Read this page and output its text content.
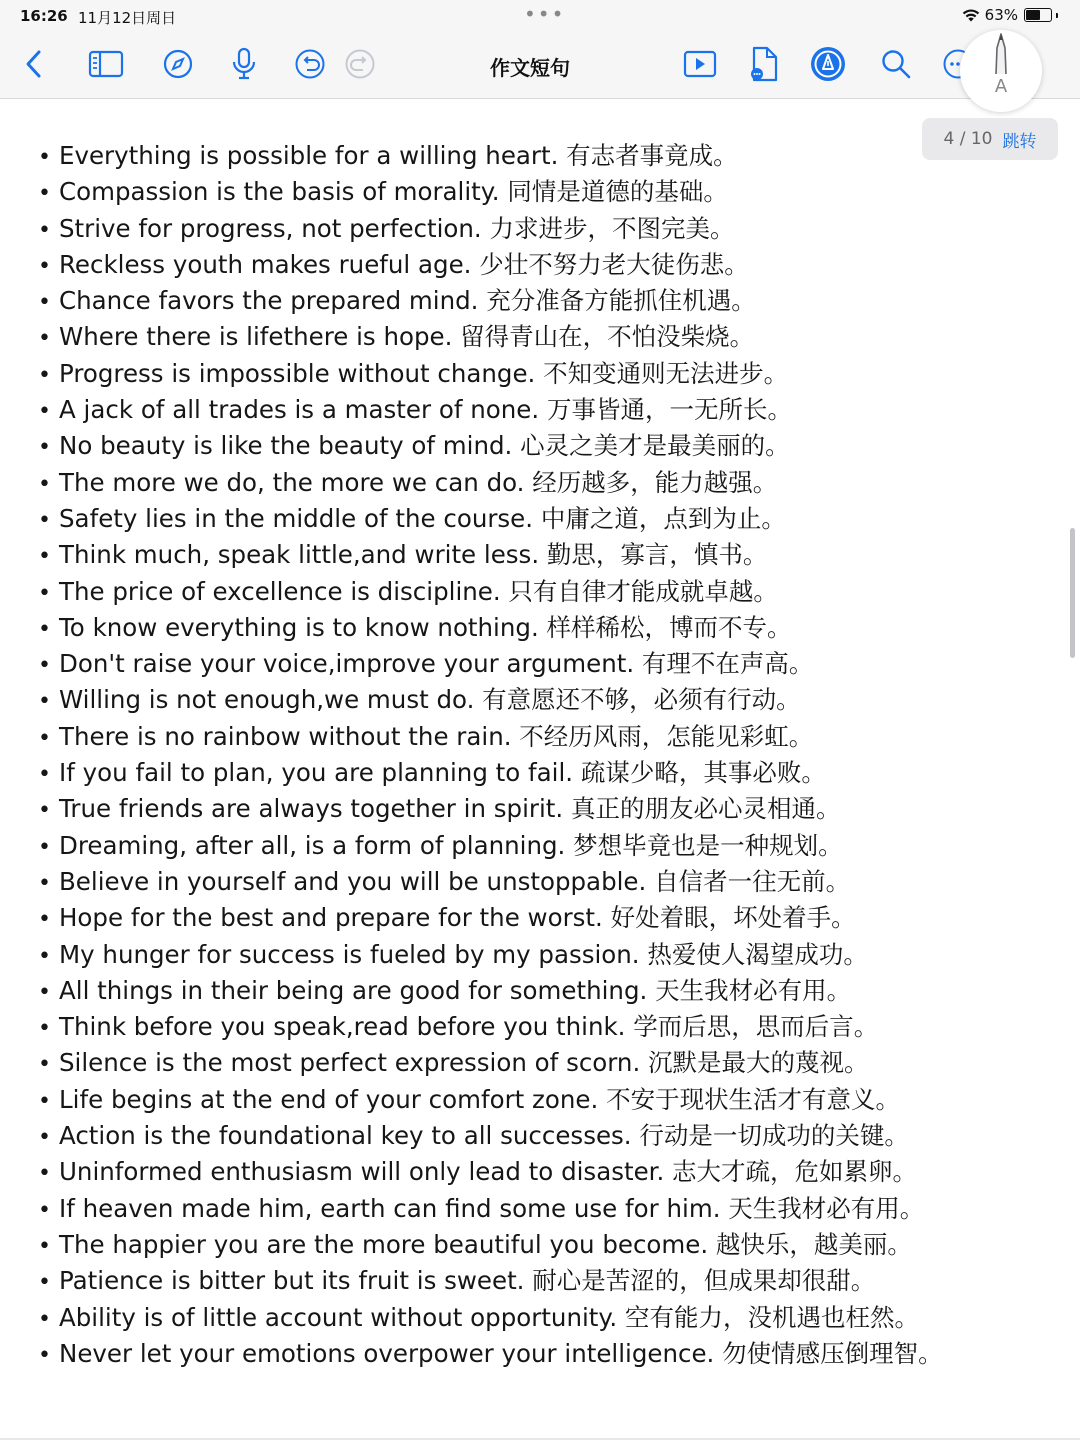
16:26 11月12日周日	•••	63%
作文短句
A
4 / 10 跳转
• Everything is possible for a willing heart. 有志者事竟成。
• Compassion is the basis of morality. 同情是道德的基础。
• Strive for progress, not perfection. 力求进步，不图完美。
• Reckless youth makes rueful age. 少壮不努力老大徒伤悲。
• Chance favors the prepared mind. 充分准备方能抓住机遇。
• Where there is lifethere is hope. 留得青山在，不怕没柴烧。
• Progress is impossible without change. 不知变通则无法进步。
• A jack of all trades is a master of none. 万事皆通，一无所长。
• No beauty is like the beauty of mind. 心灵之美才是最美丽的。
• The more we do, the more we can do. 经历越多，能力越强。
• Safety lies in the middle of the course. 中庸之道，点到为止。
• Think much, speak little,and write less. 勤思，寡言，慎书。
• The price of excellence is discipline. 只有自律才能成就卓越。
• To know everything is to know nothing. 样样稀松，博而不专。
• Don't raise your voice,improve your argument. 有理不在声高。
• Willing is not enough,we must do. 有意愿还不够，必须有行动。
• There is no rainbow without the rain. 不经历风雨，怎能见彩虹。
• If you fail to plan, you are planning to fail. 疏谋少略，其事必败。
• True friends are always together in spirit. 真正的朋友必心灵相通。
• Dreaming, after all, is a form of planning. 梦想毕竟也是一种规划。
• Believe in yourself and you will be unstoppable. 自信者一往无前。
• Hope for the best and prepare for the worst. 好处着眼，坏处着手。
• My hunger for success is fueled by my passion. 热爱使人渴望成功。
• All things in their being are good for something. 天生我材必有用。
• Think before you speak,read before you think. 学而后思，思而后言。
• Silence is the most perfect expression of scorn. 沉默是最大的蔑视。
• Life begins at the end of your comfort zone. 不安于现状生活才有意义。
• Action is the foundational key to all successes. 行动是一切成功的关键。
• Uninformed enthusiasm will only lead to disaster. 志大才疏，危如累卵。
• If heaven made him, earth can find some use for him. 天生我材必有用。
• The happier you are the more beautiful you become. 越快乐，越美丽。
• Patience is bitter but its fruit is sweet. 耐心是苦涩的，但成果却很甜。
• Ability is of little account without opportunity. 空有能力，没机遇也枉然。
• Never let your emotions overpower your intelligence. 勿使情感压倒理智。
